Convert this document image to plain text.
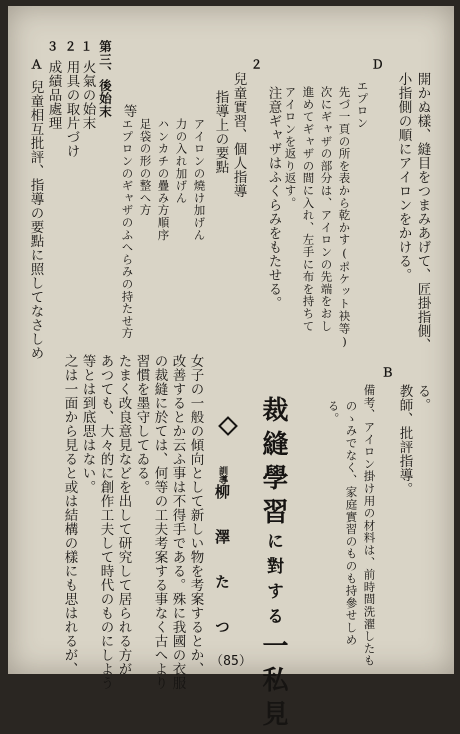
Ｄ
開かぬ樣、縫目をつまみあげて、匠掛指側、
小指側の順にアイロンをかける。
エプロン
先づ一頁の所を表から乾かす(ポケット袂等)
次にギャザの部分は、アイロンの先端をおし
進めてギャザの間に入れ、左手に布を持ちて
アイロンを返り返す。
注意ギャザはふくらみをもたせる。
２
兒童實習、個人指導
指導上の要點
アイロンの燒け加げん
力の入れ加げん
ハンカチの疊み方順序
足袋の形の整へ方
エプロンのギャザのふへらみの持たせ方
等
第三、後始末
１
火氣の始末
２
用具の取片づけ
３
成績品處理
Ａ
兒童相互批評、指導の要點に照してなさしめ
る。
Ｂ
教師、批評指導。
備考、アイロン掛け用の材料は、前時間洗濯したも
のゝみでなく、家庭實習のものも持參せしめ
る。
裁縫學習に對する一私見
訓導柳澤たつ
女子の一般の傾向として新しい物を考案するとか、
改善するとか云ふ事は不得手である。殊に我國の衣服
の裁縫に於ては、何等の工夫考案する事なく古へより
習慣を墨守してゐる。
たまく改良意見などを出して研究して居られる方が
あつても、大々的に創作工夫して時代のものにしよう
等とは到底思はない。
之は一面から見ると或は結構の樣にも思はれるが、	（85）
